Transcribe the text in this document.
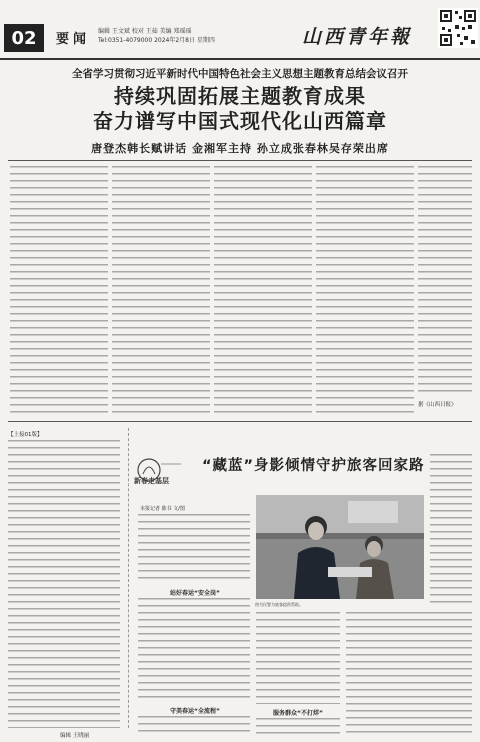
02	要闻
编辑 王文斌 校对 王茹 美编 郑瑶瑶
Tel:0351-4079000 2024年2月8日 星期四	山西青年報
全省学习贯彻习近平新时代中国特色社会主义思想主题教育总结会议召开
持续巩固拓展主题教育成果
奋力谱写中国式现代化山西篇章
唐登杰韩长赋讲话 金湘军主持 孙立成张春林吴存荣出席
据《山西日报》
【上接01版】
新春走基层
“藏蓝”身影倾情守护旅客回家路
本报记者 陈书 文/图
站好春运“安全岗”
守美春运“全流程”
图为民警为旅客提供帮助。
服务群众“不打烊”
编辑 王晓丽
